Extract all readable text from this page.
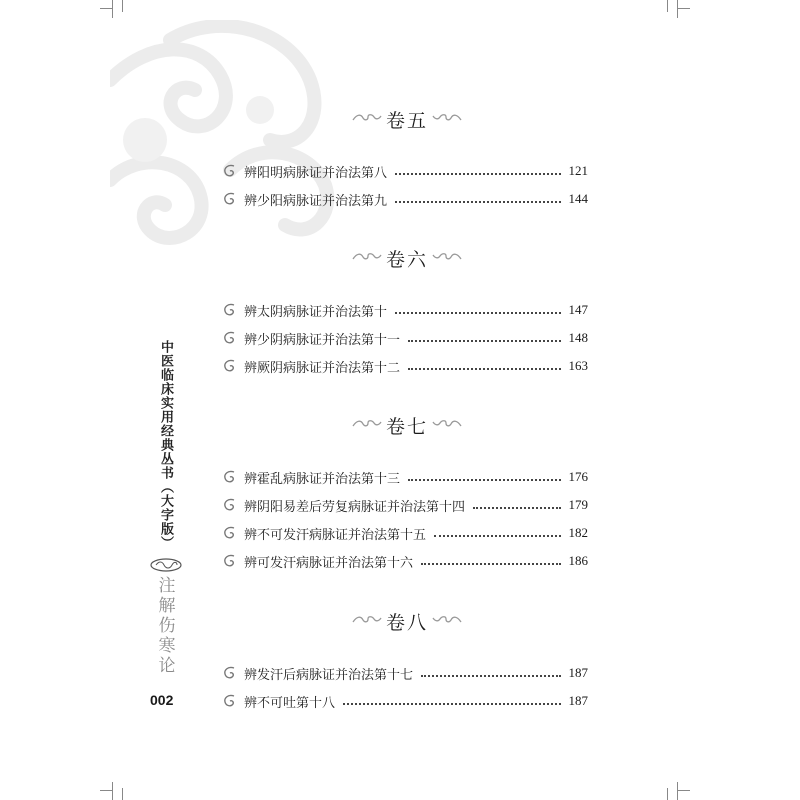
中医临床实用经典丛书（大字版）
注解伤寒论
002
卷五
卷六
卷七
卷八
辨阳明病脉证并治法第八	121
辨少阳病脉证并治法第九	144
辨太阴病脉证并治法第十	147
辨少阴病脉证并治法第十一	148
辨厥阴病脉证并治法第十二	163
辨霍乱病脉证并治法第十三	176
辨阴阳易差后劳复病脉证并治法第十四	179
辨不可发汗病脉证并治法第十五	182
辨可发汗病脉证并治法第十六	186
辨发汗后病脉证并治法第十七	187
辨不可吐第十八	187
